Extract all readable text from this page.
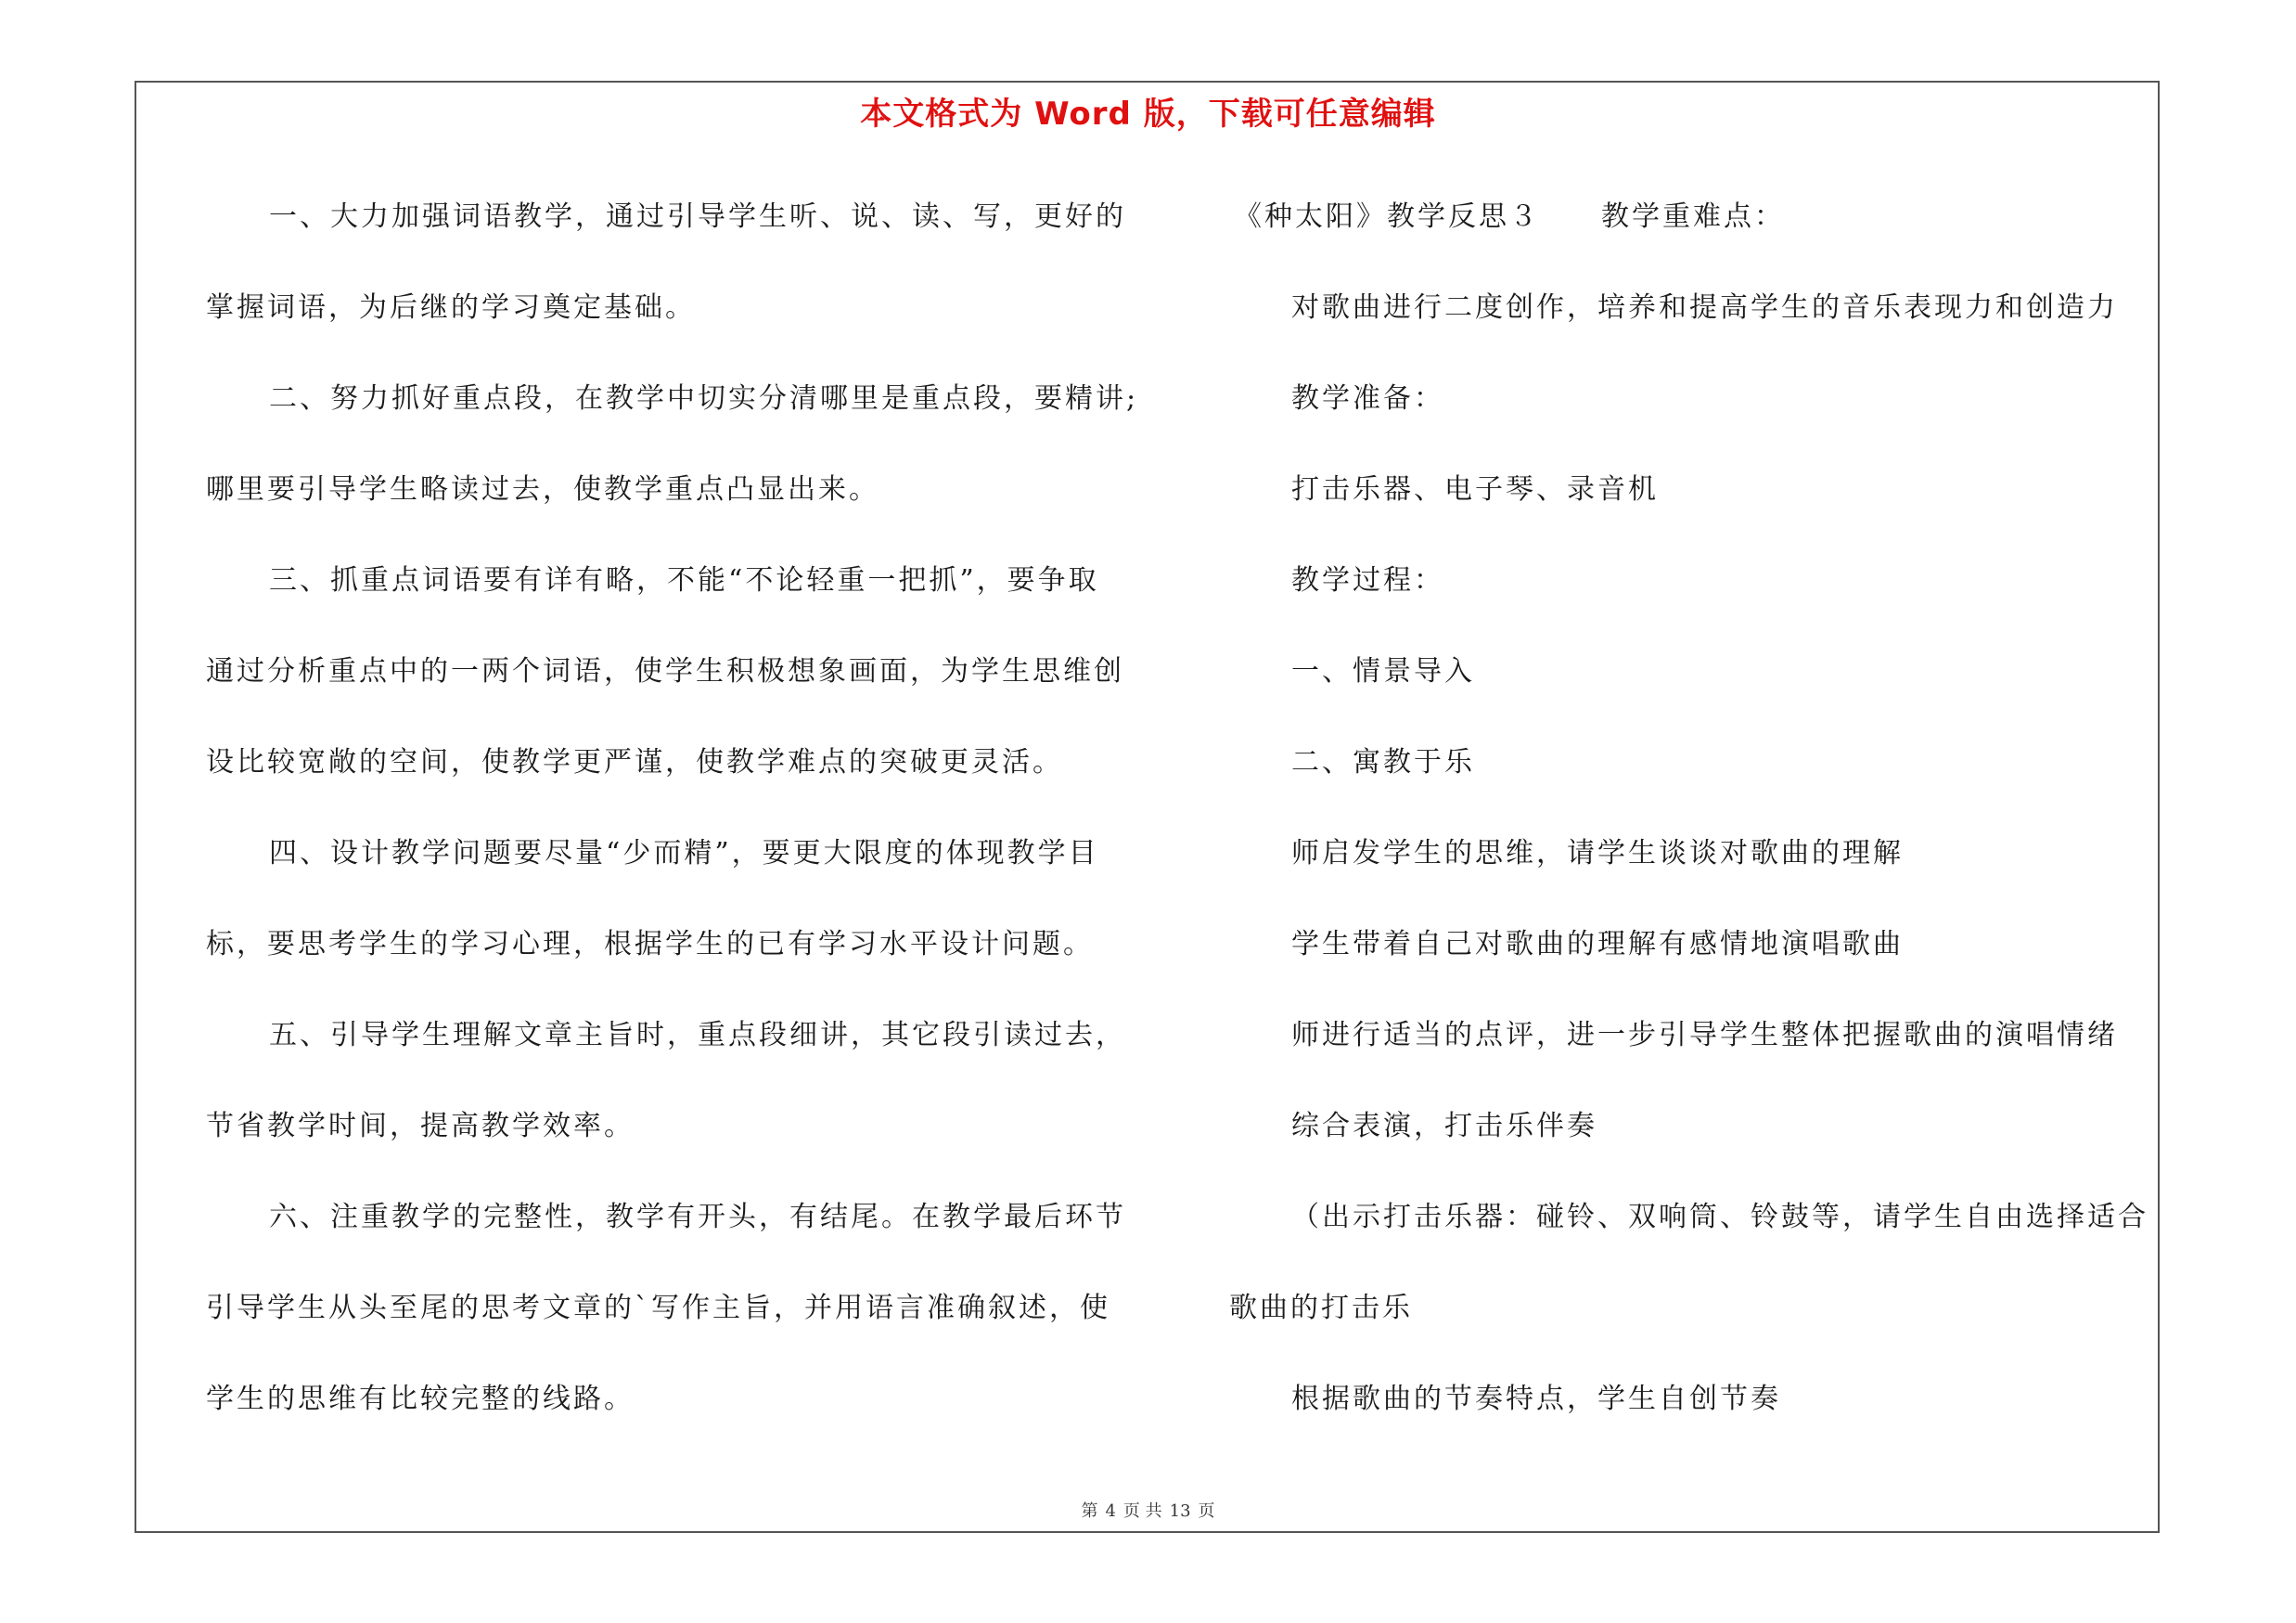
本文格式为 Word 版，下载可任意编辑
一、大力加强词语教学，通过引导学生听、说、读、写，更好的
掌握词语，为后继的学习奠定基础。
二、努力抓好重点段，在教学中切实分清哪里是重点段，要精讲;
哪里要引导学生略读过去，使教学重点凸显出来。
三、抓重点词语要有详有略，不能“不论轻重一把抓”，要争取
通过分析重点中的一两个词语，使学生积极想象画面，为学生思维创
设比较宽敞的空间，使教学更严谨，使教学难点的突破更灵活。
四、设计教学问题要尽量“少而精”，要更大限度的体现教学目
标，要思考学生的学习心理，根据学生的已有学习水平设计问题。
五、引导学生理解文章主旨时，重点段细讲，其它段引读过去，
节省教学时间，提高教学效率。
六、注重教学的完整性，教学有开头，有结尾。在教学最后环节
引导学生从头至尾的思考文章的`写作主旨，并用语言准确叙述，使
学生的思维有比较完整的线路。
《种太阳》教学反思３　　教学重难点：
对歌曲进行二度创作，培养和提高学生的音乐表现力和创造力
教学准备：
打击乐器、电子琴、录音机
教学过程：
一、情景导入
二、寓教于乐
师启发学生的思维，请学生谈谈对歌曲的理解
学生带着自己对歌曲的理解有感情地演唱歌曲
师进行适当的点评，进一步引导学生整体把握歌曲的演唱情绪
综合表演，打击乐伴奏
（出示打击乐器：碰铃、双响筒、铃鼓等，请学生自由选择适合
歌曲的打击乐
根据歌曲的节奏特点，学生自创节奏
第 4 页 共 13 页
